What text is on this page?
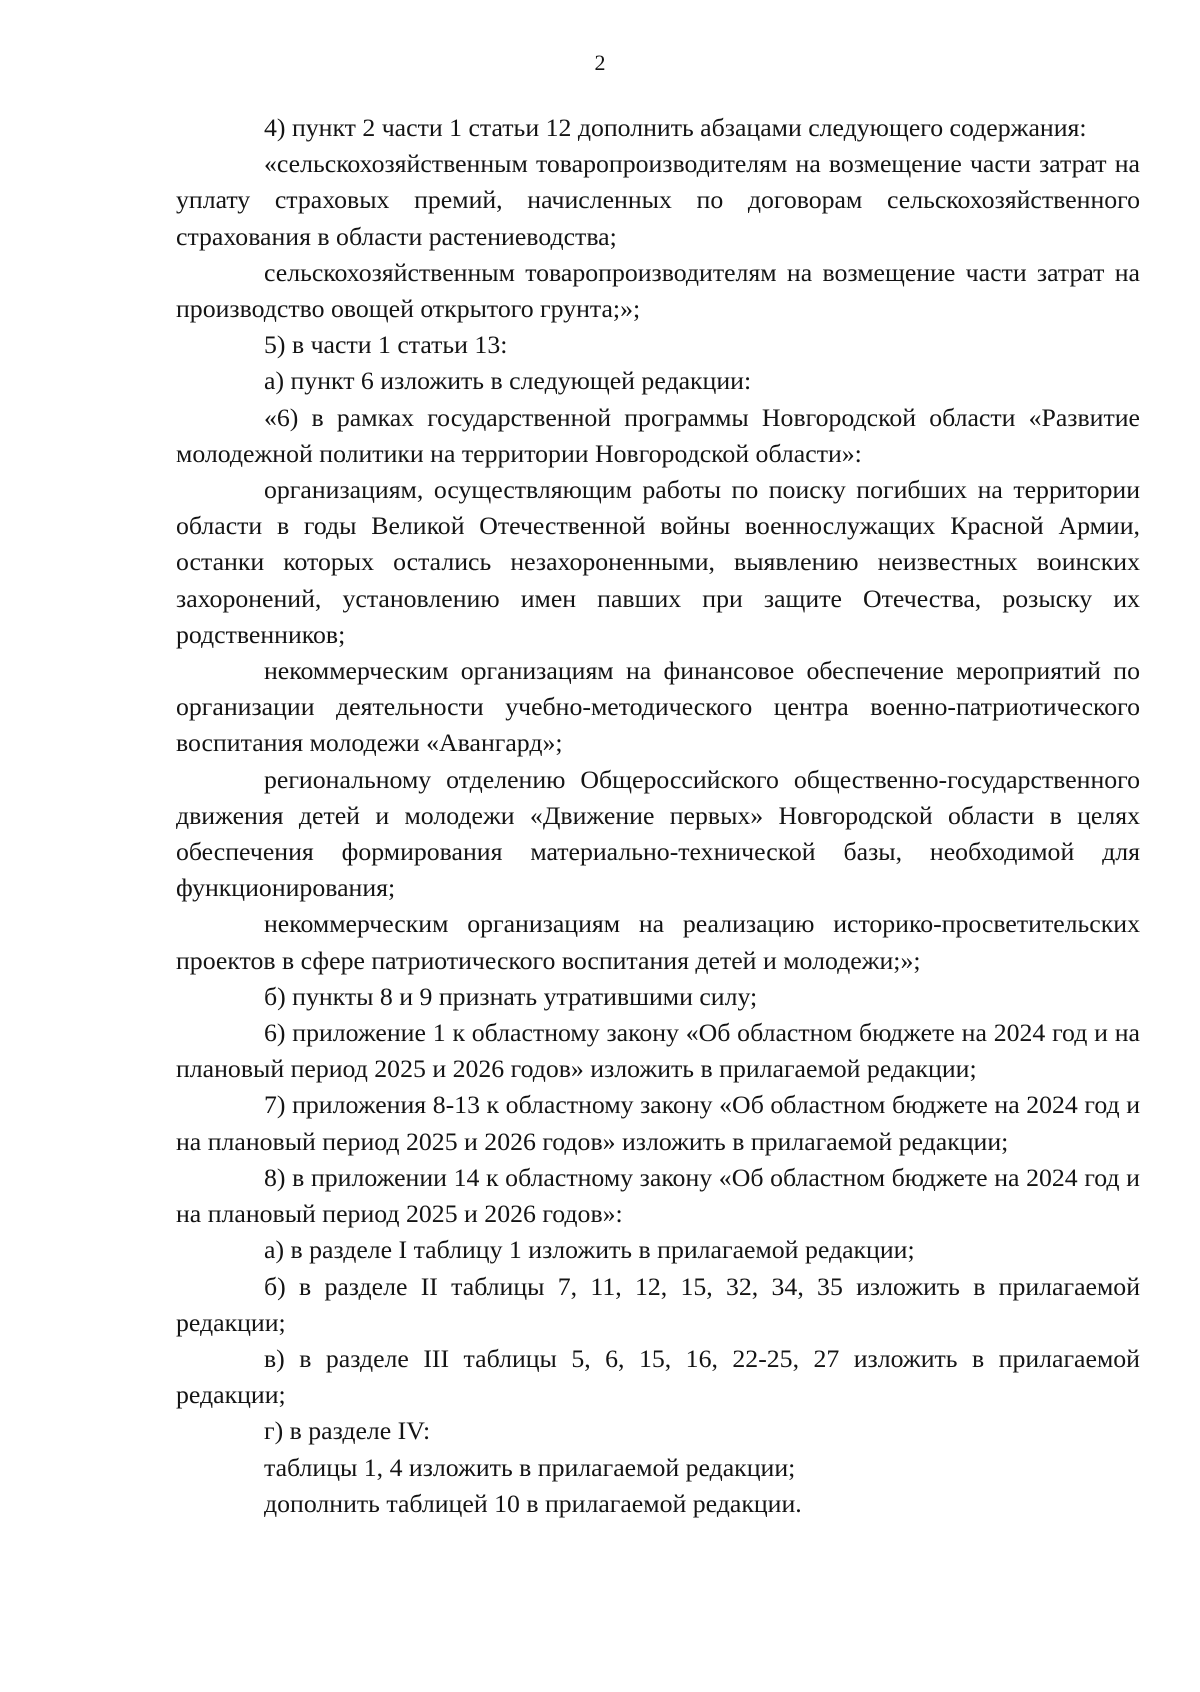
2

4) пункт 2 части 1 статьи 12 дополнить абзацами следующего содержания:

«сельскохозяйственным товаропроизводителям на возмещение части затрат на уплату страховых премий, начисленных по договорам сельскохозяйственного страхования в области растениеводства;

сельскохозяйственным товаропроизводителям на возмещение части затрат на производство овощей открытого грунта;»;

5) в части 1 статьи 13:

а) пункт 6 изложить в следующей редакции:

«6) в рамках государственной программы Новгородской области «Развитие молодежной политики на территории Новгородской области»:

организациям, осуществляющим работы по поиску погибших на территории области в годы Великой Отечественной войны военнослужащих Красной Армии, останки которых остались незахороненными, выявлению неизвестных воинских захоронений, установлению имен павших при защите Отечества, розыску их родственников;

некоммерческим организациям на финансовое обеспечение мероприятий по организации деятельности учебно-методического центра военно-патриотического воспитания молодежи «Авангард»;

региональному отделению Общероссийского общественно-государственного движения детей и молодежи «Движение первых» Новгородской области в целях обеспечения формирования материально-технической базы, необходимой для функционирования;

некоммерческим организациям на реализацию историко-просветительских проектов в сфере патриотического воспитания детей и молодежи;»;

б) пункты 8 и 9 признать утратившими силу;

6) приложение 1 к областному закону «Об областном бюджете на 2024 год и на плановый период 2025 и 2026 годов» изложить в прилагаемой редакции;

7) приложения 8-13 к областному закону «Об областном бюджете на 2024 год и на плановый период 2025 и 2026 годов» изложить в прилагаемой редакции;

8) в приложении 14 к областному закону «Об областном бюджете на 2024 год и на плановый период 2025 и 2026 годов»:

а) в разделе I таблицу 1 изложить в прилагаемой редакции;

б) в разделе II таблицы 7, 11, 12, 15, 32, 34, 35 изложить в прилагаемой редакции;

в) в разделе III таблицы 5, 6, 15, 16, 22-25, 27 изложить в прилагаемой редакции;

г) в разделе IV:

таблицы 1, 4 изложить в прилагаемой редакции;

дополнить таблицей 10 в прилагаемой редакции.
